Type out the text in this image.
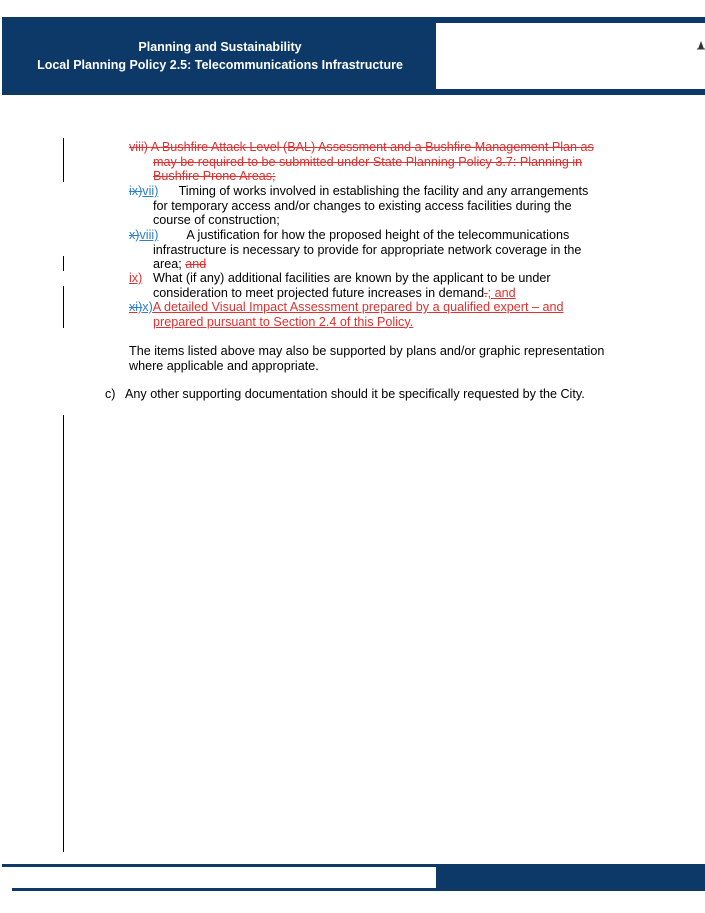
Planning and Sustainability
Local Planning Policy 2.5: Telecommunications Infrastructure
viii) A Bushfire Attack Level (BAL) Assessment and a Bushfire Management Plan as
may be required to be submitted under State Planning Policy 3.7: Planning in
Bushfire Prone Areas;
ix)vii) Timing of works involved in establishing the facility and any arrangements
for temporary access and/or changes to existing access facilities during the
course of construction;
x)viii) A justification for how the proposed height of the telecommunications
infrastructure is necessary to provide for appropriate network coverage in the
area; and
ix) What (if any) additional facilities are known by the applicant to be under
consideration to meet projected future increases in demand.; and
xi)x)A detailed Visual Impact Assessment prepared by a qualified expert – and
prepared pursuant to Section 2.4 of this Policy.
The items listed above may also be supported by plans and/or graphic representation
where applicable and appropriate.
c) Any other supporting documentation should it be specifically requested by the City.
